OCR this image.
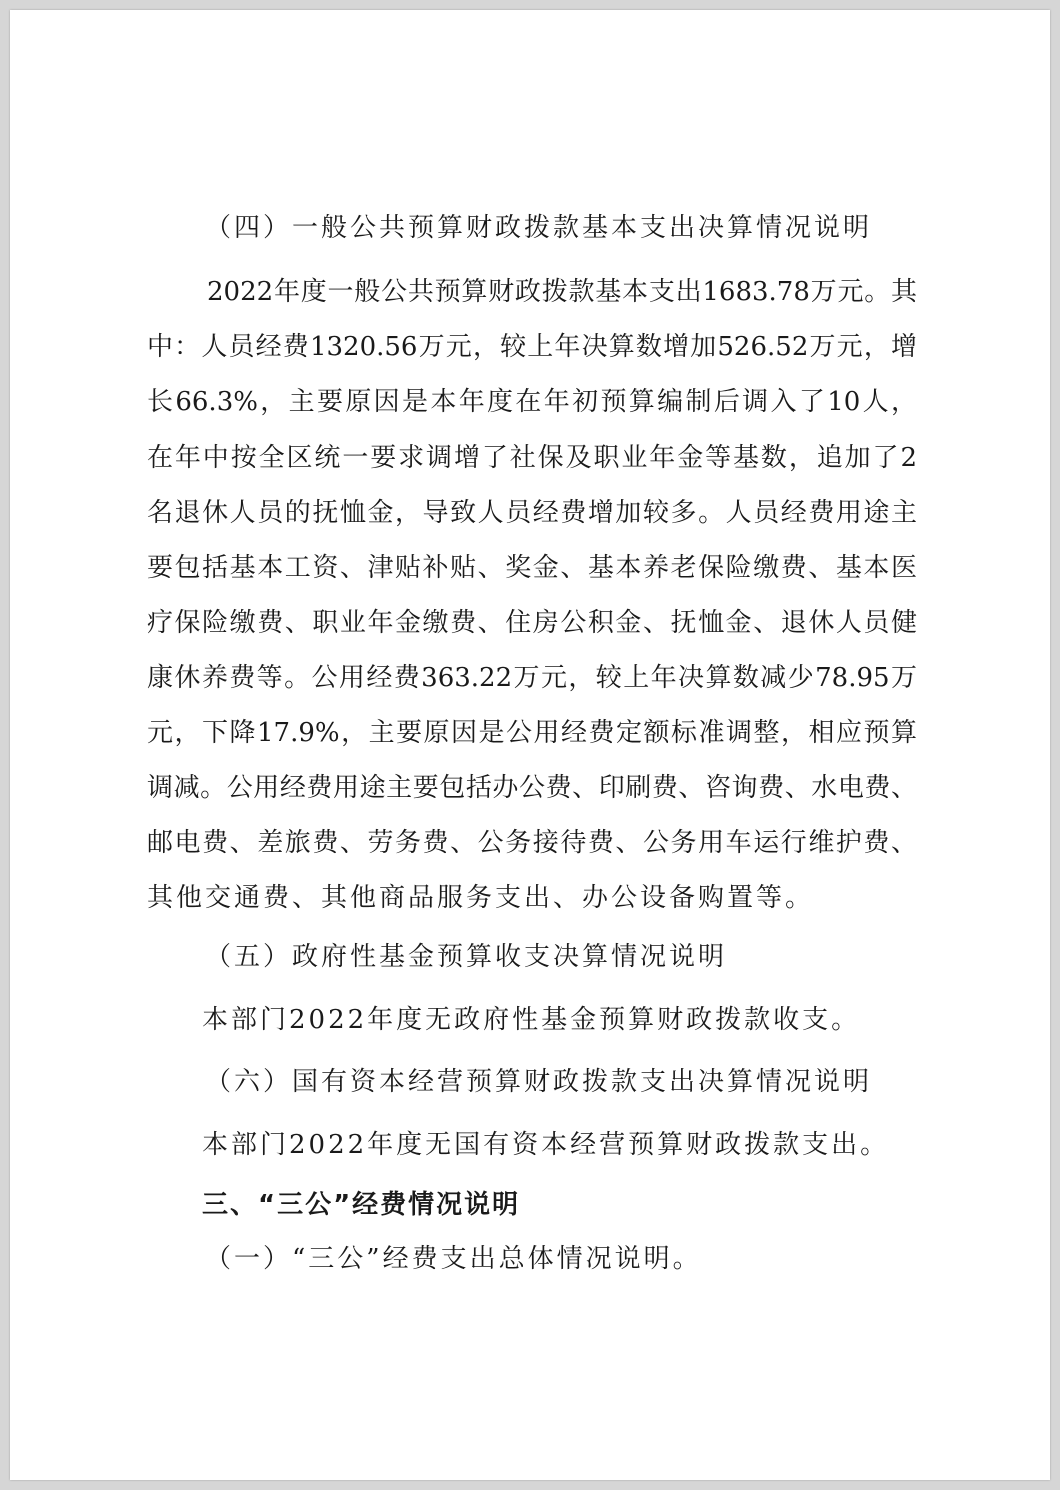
（四）一般公共预算财政拨款基本支出决算情况说明
2022年度一般公共预算财政拨款基本支出1683.78万元。其
中：人员经费1320.56万元，较上年决算数增加526.52万元，增
长66.3%，主要原因是本年度在年初预算编制后调入了10人，
在年中按全区统一要求调增了社保及职业年金等基数，追加了2
名退休人员的抚恤金，导致人员经费增加较多。人员经费用途主
要包括基本工资、津贴补贴、奖金、基本养老保险缴费、基本医
疗保险缴费、职业年金缴费、住房公积金、抚恤金、退休人员健
康休养费等。公用经费363.22万元，较上年决算数减少78.95万
元，下降17.9%，主要原因是公用经费定额标准调整，相应预算
调减。公用经费用途主要包括办公费、印刷费、咨询费、水电费、
邮电费、差旅费、劳务费、公务接待费、公务用车运行维护费、
其他交通费、其他商品服务支出、办公设备购置等。
（五）政府性基金预算收支决算情况说明
本部门2022年度无政府性基金预算财政拨款收支。
（六）国有资本经营预算财政拨款支出决算情况说明
本部门2022年度无国有资本经营预算财政拨款支出。
三、“三公”经费情况说明
（一）“三公”经费支出总体情况说明。
